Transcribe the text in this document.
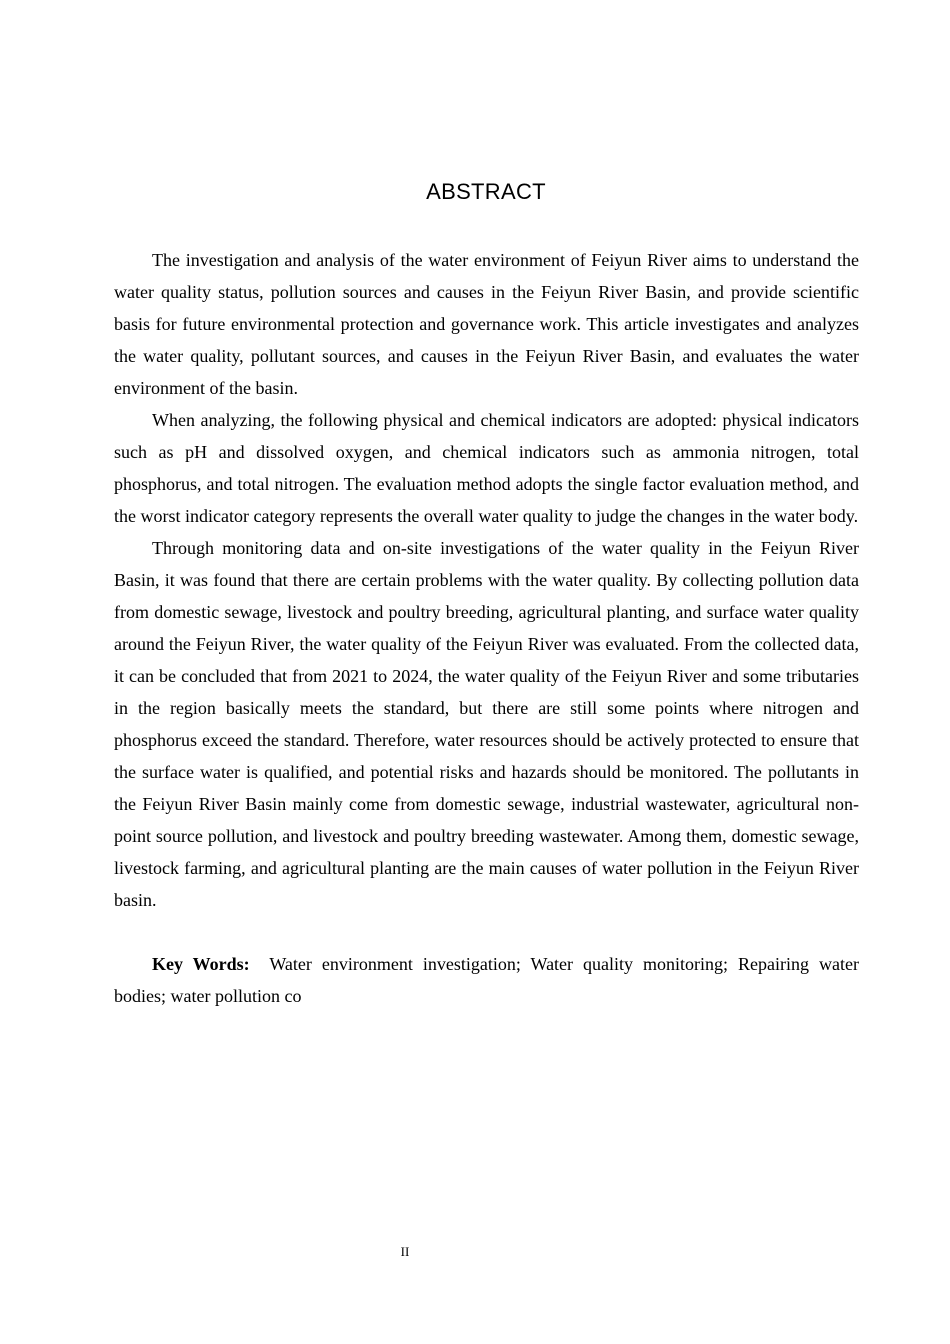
ABSTRACT

The investigation and analysis of the water environment of Feiyun River aims to understand the water quality status, pollution sources and causes in the Feiyun River Basin, and provide scientific basis for future environmental protection and governance work. This article investigates and analyzes the water quality, pollutant sources, and causes in the Feiyun River Basin, and evaluates the water environment of the basin.

When analyzing, the following physical and chemical indicators are adopted: physical indicators such as pH and dissolved oxygen, and chemical indicators such as ammonia nitrogen, total phosphorus, and total nitrogen. The evaluation method adopts the single factor evaluation method, and the worst indicator category represents the overall water quality to judge the changes in the water body.

Through monitoring data and on-site investigations of the water quality in the Feiyun River Basin, it was found that there are certain problems with the water quality. By collecting pollution data from domestic sewage, livestock and poultry breeding, agricultural planting, and surface water quality around the Feiyun River, the water quality of the Feiyun River was evaluated. From the collected data, it can be concluded that from 2021 to 2024, the water quality of the Feiyun River and some tributaries in the region basically meets the standard, but there are still some points where nitrogen and phosphorus exceed the standard. Therefore, water resources should be actively protected to ensure that the surface water is qualified, and potential risks and hazards should be monitored. The pollutants in the Feiyun River Basin mainly come from domestic sewage, industrial wastewater, agricultural non-point source pollution, and livestock and poultry breeding wastewater. Among them, domestic sewage, livestock farming, and agricultural planting are the main causes of water pollution in the Feiyun River basin.

Key Words: Water environment investigation; Water quality monitoring; Repairing water bodies; water pollution co

II
